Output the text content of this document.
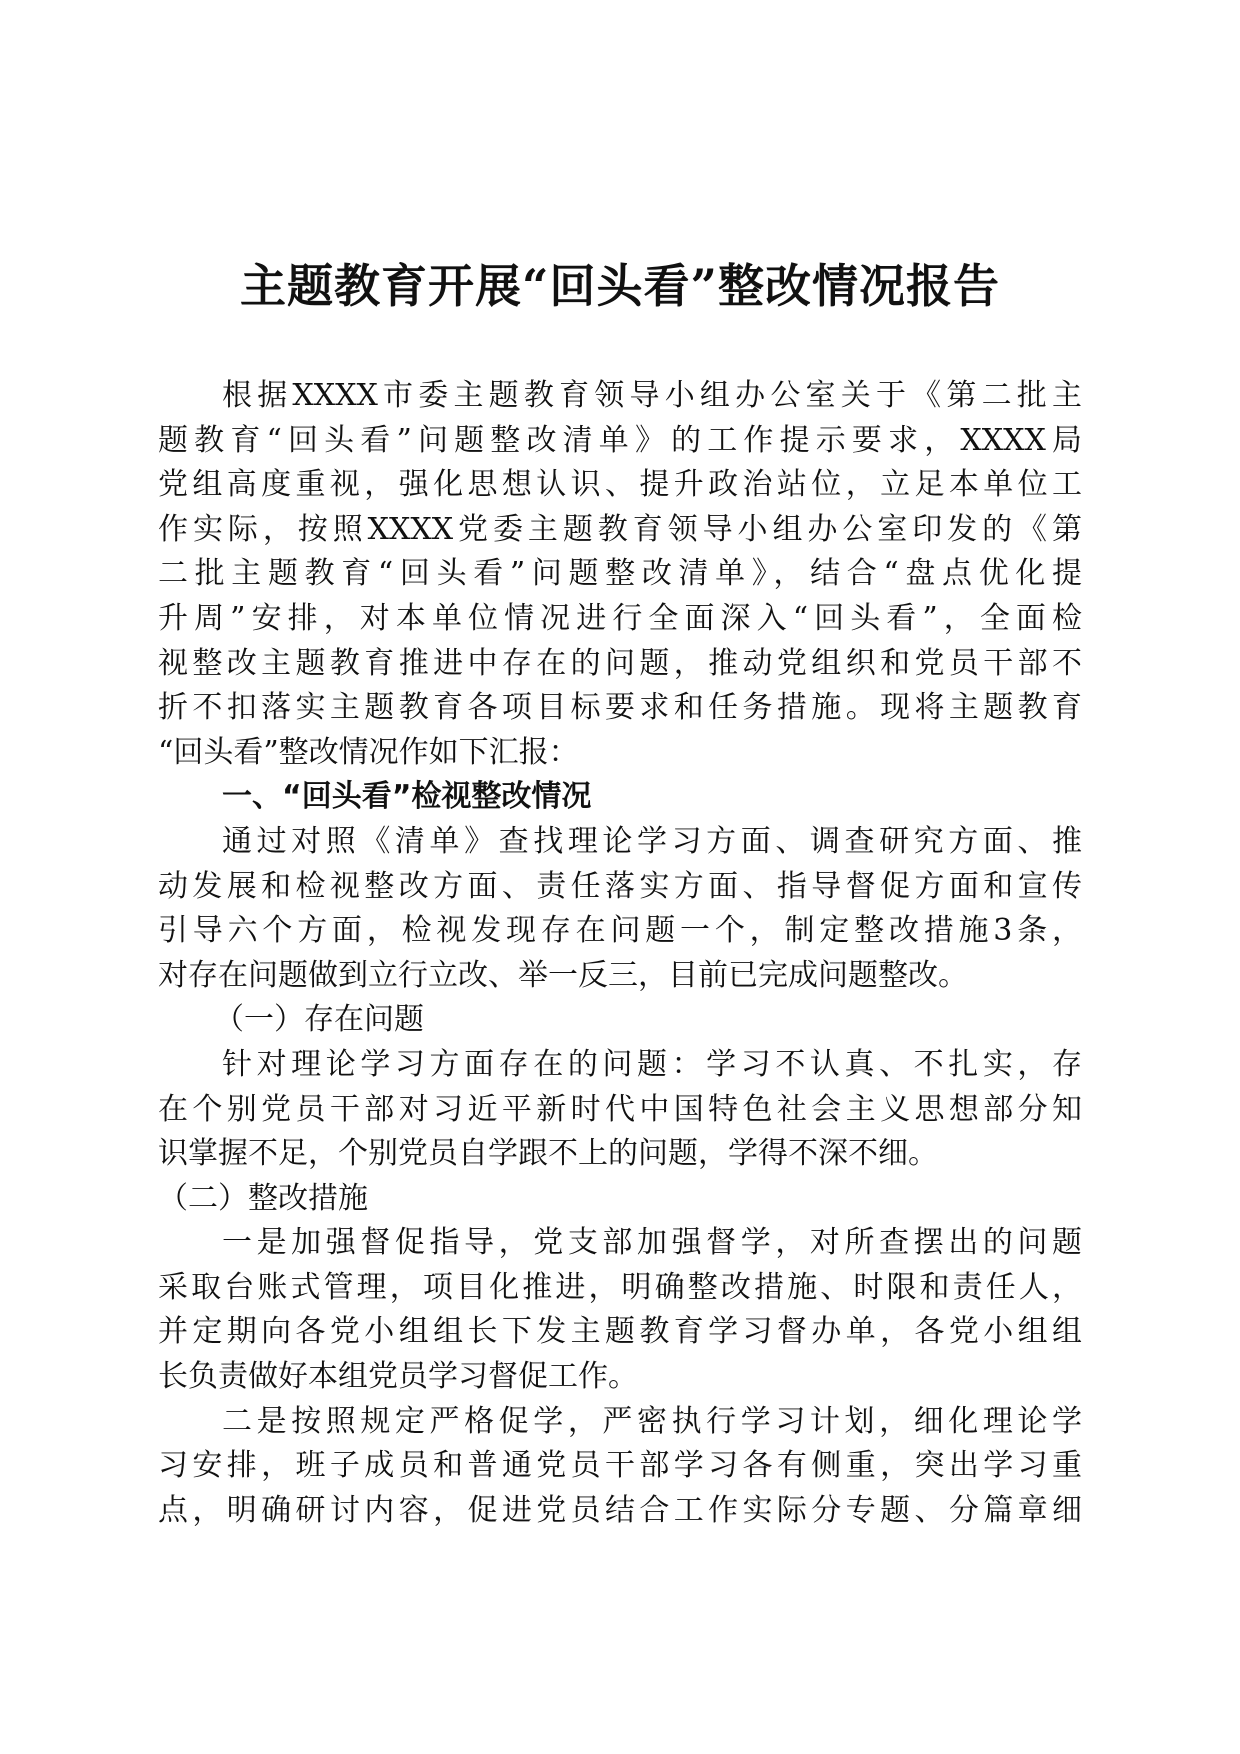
主题教育开展“回头看”整改情况报告
根据XXXX市委主题教育领导小组办公室关于《第二批主
题教育“回头看”问题整改清单》的工作提示要求，XXXX局
党组高度重视，强化思想认识、提升政治站位，立足本单位工
作实际，按照XXXX党委主题教育领导小组办公室印发的《第
二批主题教育“回头看”问题整改清单》，结合“盘点优化提
升周”安排，对本单位情况进行全面深入“回头看”，全面检
视整改主题教育推进中存在的问题，推动党组织和党员干部不
折不扣落实主题教育各项目标要求和任务措施。现将主题教育
“回头看”整改情况作如下汇报：
一、“回头看”检视整改情况
通过对照《清单》查找理论学习方面、调查研究方面、推
动发展和检视整改方面、责任落实方面、指导督促方面和宣传
引导六个方面，检视发现存在问题一个，制定整改措施3条，
对存在问题做到立行立改、举一反三，目前已完成问题整改。
（一）存在问题
针对理论学习方面存在的问题：学习不认真、不扎实，存
在个别党员干部对习近平新时代中国特色社会主义思想部分知
识掌握不足，个别党员自学跟不上的问题，学得不深不细。
（二）整改措施
一是加强督促指导，党支部加强督学，对所查摆出的问题
采取台账式管理，项目化推进，明确整改措施、时限和责任人，
并定期向各党小组组长下发主题教育学习督办单，各党小组组
长负责做好本组党员学习督促工作。
二是按照规定严格促学，严密执行学习计划，细化理论学
习安排，班子成员和普通党员干部学习各有侧重，突出学习重
点，明确研讨内容，促进党员结合工作实际分专题、分篇章细
